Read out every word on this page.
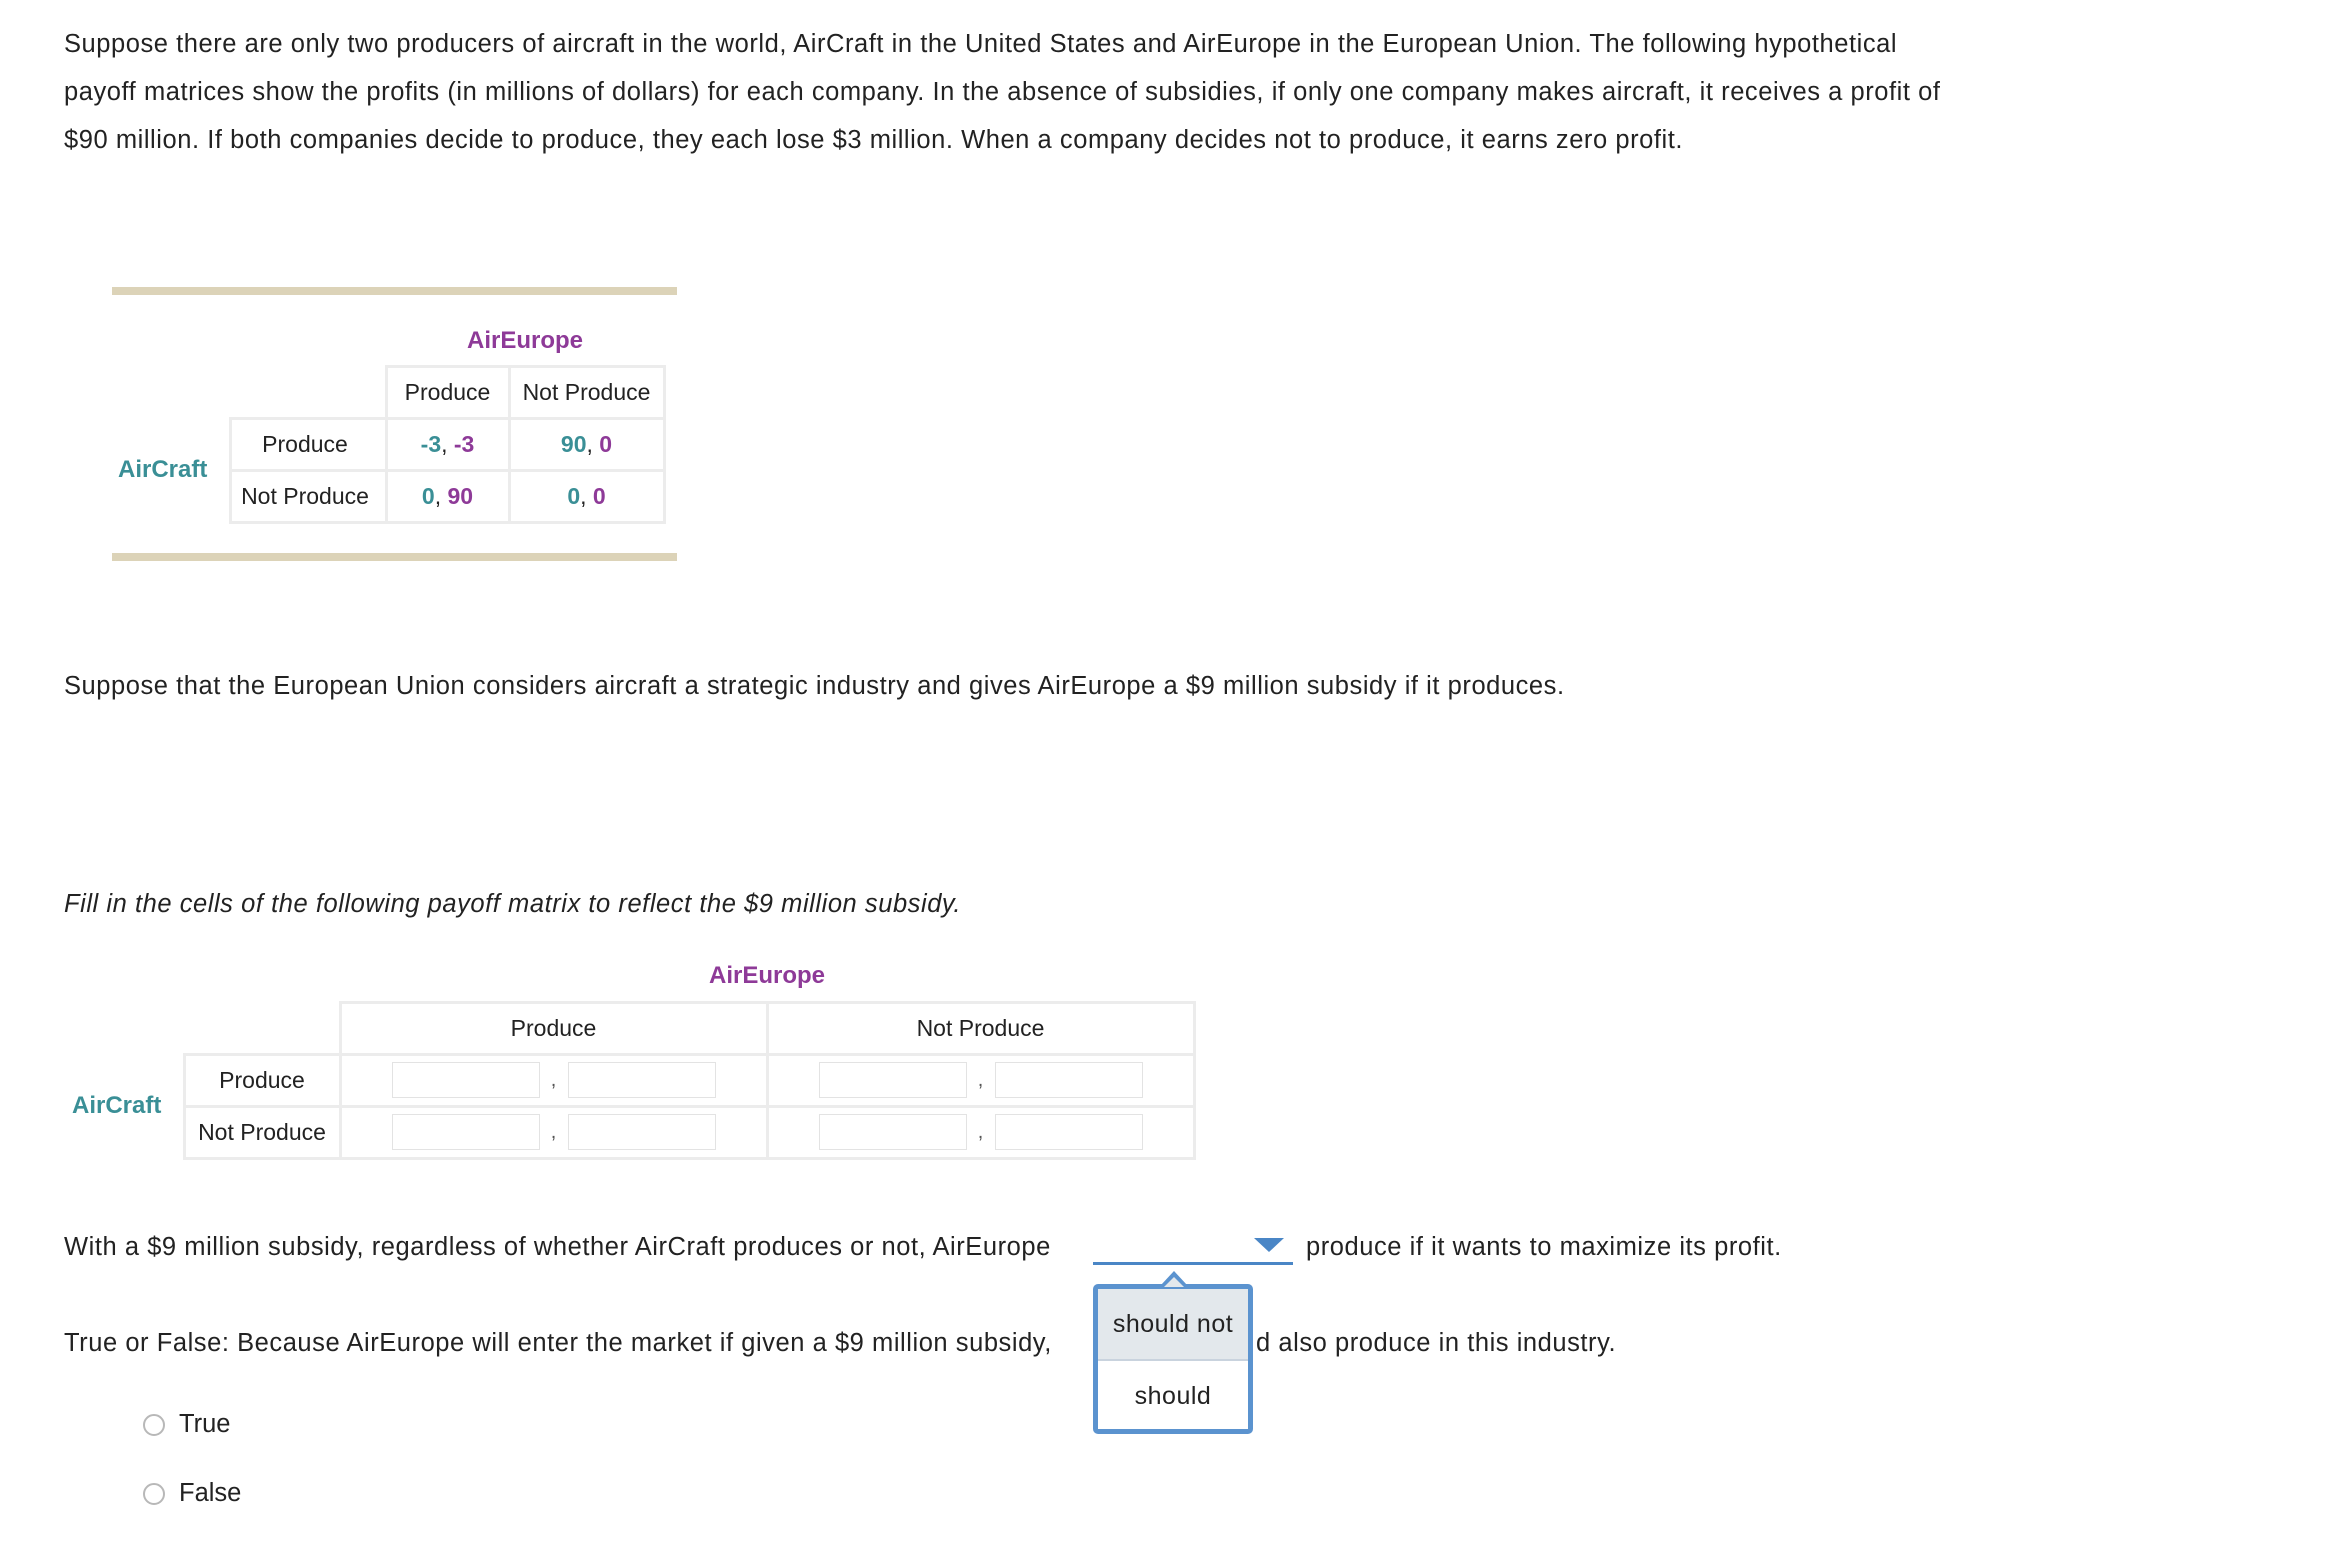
Suppose there are only two producers of aircraft in the world, AirCraft in the United States and AirEurope in the European Union. The following hypothetical payoff matrices show the profits (in millions of dollars) for each company. In the absence of subsidies, if only one company makes aircraft, it receives a profit of $90 million. If both companies decide to produce, they each lose $3 million. When a company decides not to produce, it earns zero profit.

		AirEurope	
		Produce	Not Produce
AirCraft	Produce	-3, -3	90, 0
	Not Produce	0, 90	0, 0

Suppose that the European Union considers aircraft a strategic industry and gives AirEurope a $9 million subsidy if it produces.

Fill in the cells of the following payoff matrix to reflect the $9 million subsidy.

		AirEurope	
		Produce	Not Produce
AirCraft	Produce	,	,
	Not Produce	,	,

With a $9 million subsidy, regardless of whether AirCraft produces or not, AirEurope	produce if it wants to maximize its profit.

True or False: Because AirEurope will enter the market if given a $9 million subsidy,	d also produce in this industry.

should not
should
True
False
